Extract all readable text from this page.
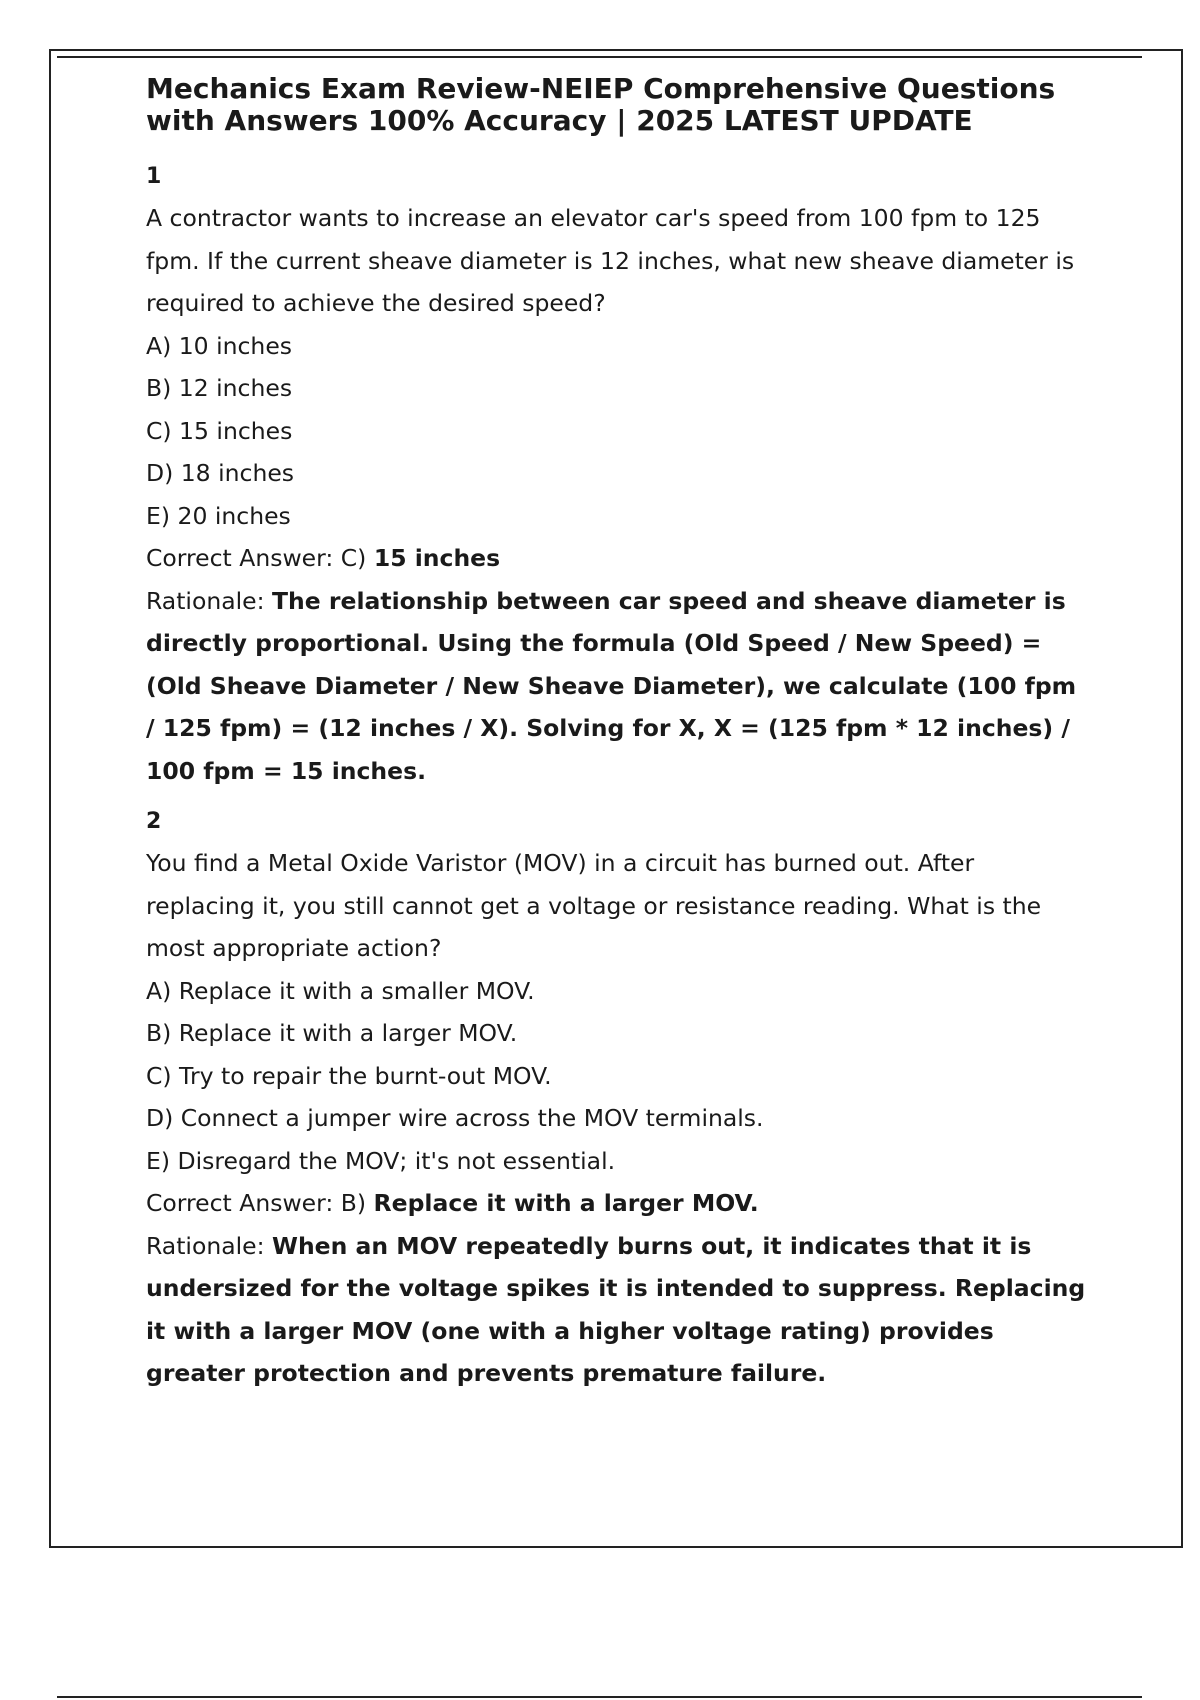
Mechanics Exam Review-NEIEP Comprehensive Questions with Answers 100% Accuracy | 2025 LATEST UPDATE
1

A contractor wants to increase an elevator car's speed from 100 fpm to 125 fpm. If the current sheave diameter is 12 inches, what new sheave diameter is required to achieve the desired speed?

A) 10 inches

B) 12 inches

C) 15 inches

D) 18 inches

E) 20 inches

Correct Answer: C) 15 inches

Rationale: The relationship between car speed and sheave diameter is directly proportional. Using the formula (Old Speed / New Speed) = (Old Sheave Diameter / New Sheave Diameter), we calculate (100 fpm / 125 fpm) = (12 inches / X). Solving for X, X = (125 fpm * 12 inches) / 100 fpm = 15 inches.

2

You find a Metal Oxide Varistor (MOV) in a circuit has burned out. After replacing it, you still cannot get a voltage or resistance reading. What is the most appropriate action?

A) Replace it with a smaller MOV.

B) Replace it with a larger MOV.

C) Try to repair the burnt-out MOV.

D) Connect a jumper wire across the MOV terminals.

E) Disregard the MOV; it's not essential.

Correct Answer: B) Replace it with a larger MOV.

Rationale: When an MOV repeatedly burns out, it indicates that it is undersized for the voltage spikes it is intended to suppress. Replacing it with a larger MOV (one with a higher voltage rating) provides greater protection and prevents premature failure.
